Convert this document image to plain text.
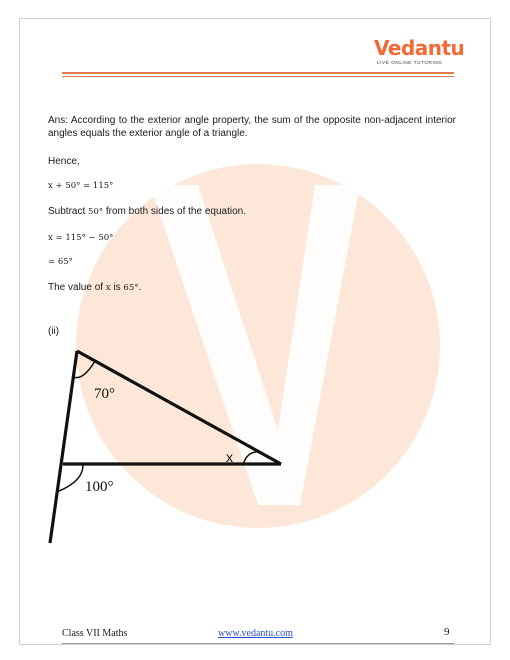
Vedantu
LIVE ONLINE TUTORING
Ans: According to the exterior angle property, the sum of the opposite non-adjacent interior angles equals the exterior angle of a triangle.
Hence,
x + 50° = 115°
Subtract 50° from both sides of the equation.
x = 115° − 50°
= 65°
The value of x is 65°.
(ii)
70°
x
100°
Class VII Maths	www.vedantu.com	9
